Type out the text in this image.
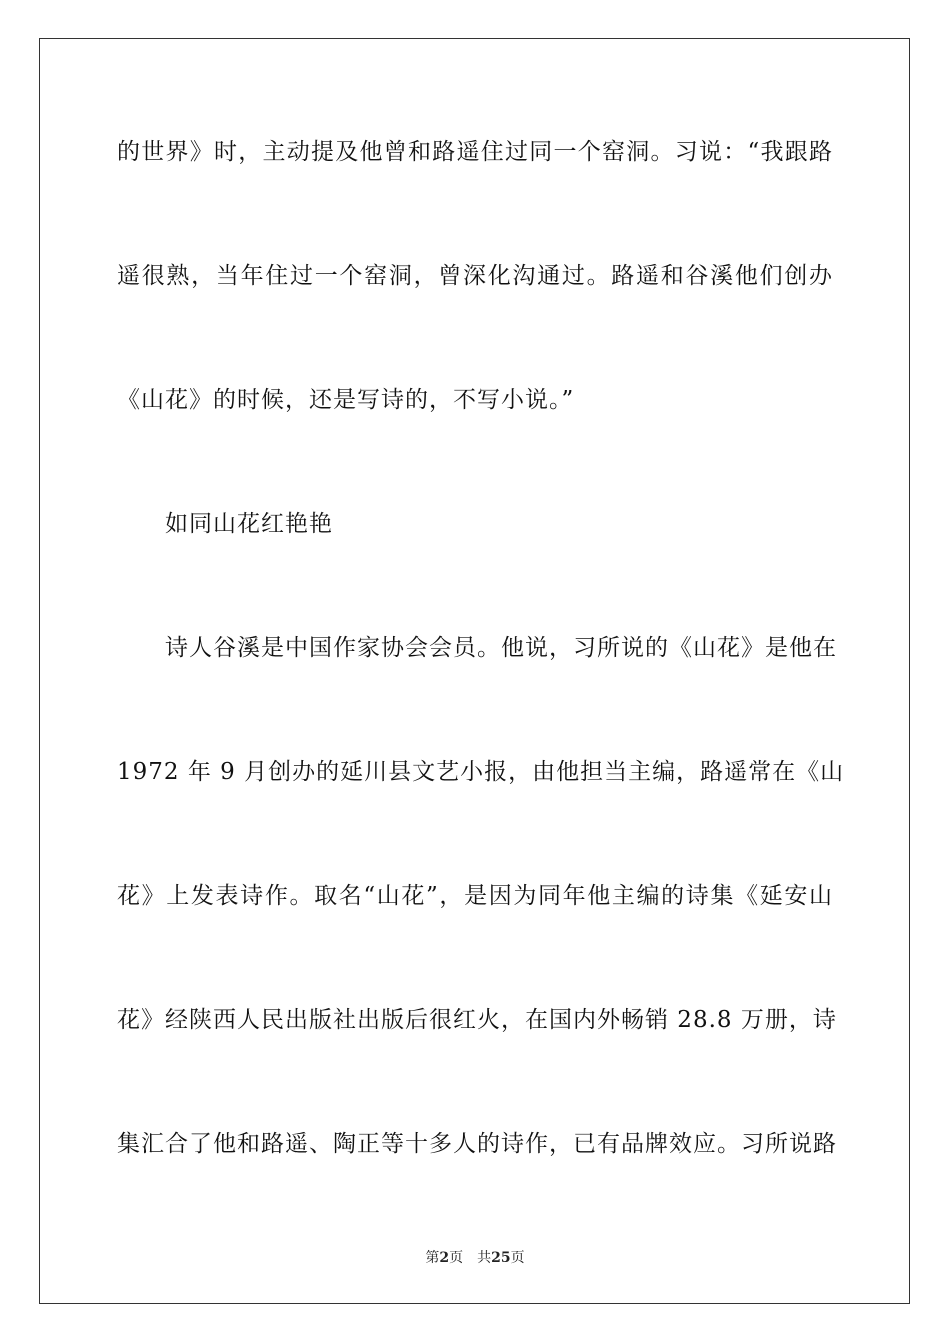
的世界》时，主动提及他曾和路遥住过同一个窑洞。习说：“我跟路
遥很熟，当年住过一个窑洞，曾深化沟通过。路遥和谷溪他们创办
《山花》的时候，还是写诗的，不写小说。”
如同山花红艳艳
诗人谷溪是中国作家协会会员。他说，习所说的《山花》是他在
1972 年 9 月创办的延川县文艺小报，由他担当主编，路遥常在《山
花》上发表诗作。取名“山花”，是因为同年他主编的诗集《延安山
花》经陕西人民出版社出版后很红火，在国内外畅销 28.8 万册，诗
集汇合了他和路遥、陶正等十多人的诗作，已有品牌效应。习所说路
第2页 共25页
